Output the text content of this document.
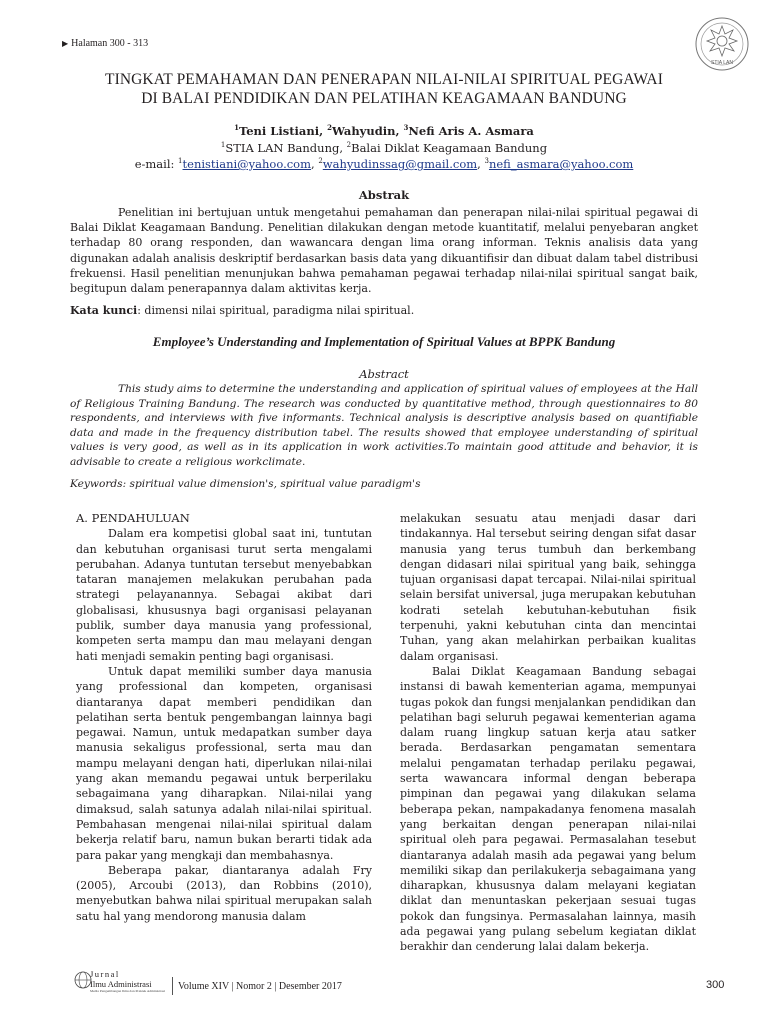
▶ Halaman 300 - 313
STIA LAN
TINGKAT PEMAHAMAN DAN PENERAPAN NILAI-NILAI SPIRITUAL PEGAWAI
DI BALAI PENDIDIKAN DAN PELATIHAN KEAGAMAAN BANDUNG
$^1$Teni Listiani, $^2$Wahyudin, $^3$Nefi Aris A. Asmara
$^1$STIA LAN Bandung, $^2$Balai Diklat Keagamaan Bandung
e-mail: $^1$tenistiani@yahoo.com, $^2$wahyudinssag@gmail.com, $^3$nefi_asmara@yahoo.com
Abstrak

Penelitian ini bertujuan untuk mengetahui pemahaman dan penerapan nilai-nilai spiritual pegawai di Balai Diklat Keagamaan Bandung. Penelitian dilakukan dengan metode kuantitatif, melalui penyebaran angket terhadap 80 orang responden, dan wawancara dengan lima orang informan. Teknis analisis data yang digunakan adalah analisis deskriptif berdasarkan basis data yang dikuantifisir dan dibuat dalam tabel distribusi frekuensi. Hasil penelitian menunjukan bahwa pemahaman pegawai terhadap nilai-nilai spiritual sangat baik, begitupun dalam penerapannya dalam aktivitas kerja.

Kata kunci: dimensi nilai spiritual, paradigma nilai spiritual.
Employee’s Understanding and Implementation of Spiritual Values at BPPK Bandung
Abstract

This study aims to determine the understanding and application of spiritual values of employees at the Hall of Religious Training Bandung. The research was conducted by quantitative method, through questionnaires to 80 respondents, and interviews with five informants. Technical analysis is descriptive analysis based on quantifiable data and made in the frequency distribution tabel. The results showed that employee understanding of spiritual values is very good, as well as in its application in work activities.To maintain good attitude and behavior, it is advisable to create a religious workclimate.

Keywords: spiritual value dimension's, spiritual value paradigm's

A. PENDAHULUAN

Dalam era kompetisi global saat ini, tuntutan dan kebutuhan organisasi turut serta mengalami perubahan. Adanya tuntutan tersebut menyebabkan tataran manajemen melakukan perubahan pada strategi pelayanannya. Sebagai akibat dari globalisasi, khususnya bagi organisasi pelayanan publik, sumber daya manusia yang professional, kompeten serta mampu dan mau melayani dengan hati menjadi semakin penting bagi organisasi.

Untuk dapat memiliki sumber daya manusia yang professional dan kompeten, organisasi diantaranya dapat memberi pendidikan dan pelatihan serta bentuk pengembangan lainnya bagi pegawai. Namun, untuk medapatkan sumber daya manusia sekaligus professional, serta mau dan mampu melayani dengan hati, diperlukan nilai-nilai yang akan memandu pegawai untuk berperilaku sebagaimana yang diharapkan. Nilai-nilai yang dimaksud, salah satunya adalah nilai-nilai spiritual. Pembahasan mengenai nilai-nilai spiritual dalam bekerja relatif baru, namun bukan berarti tidak ada para pakar yang mengkaji dan membahasnya.

Beberapa pakar, diantaranya adalah Fry (2005), Arcoubi (2013), dan Robbins (2010), menyebutkan bahwa nilai spiritual merupakan salah satu hal yang mendorong manusia dalam

melakukan sesuatu atau menjadi dasar dari tindakannya. Hal tersebut seiring dengan sifat dasar manusia yang terus tumbuh dan berkembang dengan didasari nilai spiritual yang baik, sehingga tujuan organisasi dapat tercapai. Nilai-nilai spiritual selain bersifat universal, juga merupakan kebutuhan kodrati setelah kebutuhan-kebutuhan fisik terpenuhi, yakni kebutuhan cinta dan mencintai Tuhan, yang akan melahirkan perbaikan kualitas dalam organisasi.

Balai Diklat Keagamaan Bandung sebagai instansi di bawah kementerian agama, mempunyai tugas pokok dan fungsi menjalankan pendidikan dan pelatihan bagi seluruh pegawai kementerian agama dalam ruang lingkup satuan kerja atau satker berada. Berdasarkan pengamatan sementara melalui pengamatan terhadap perilaku pegawai, serta wawancara informal dengan beberapa pimpinan dan pegawai yang dilakukan selama beberapa pekan, nampakadanya fenomena masalah yang berkaitan dengan penerapan nilai-nilai spiritual oleh para pegawai. Permasalahan tesebut diantaranya adalah masih ada pegawai yang belum memiliki sikap dan perilakukerja sebagaimana yang diharapkan, khususnya dalam melayani kegiatan diklat dan menuntaskan pekerjaan sesuai tugas pokok dan fungsinya. Permasalahan lainnya, masih ada pegawai yang pulang sebelum kegiatan diklat berakhir dan cenderung lalai dalam bekerja.

Jurnal
Ilmu Administrasi
Media Pengembangan Ilmu dan Praktek Administrasi Volume XIV | Nomor 2 | Desember 2017	300
